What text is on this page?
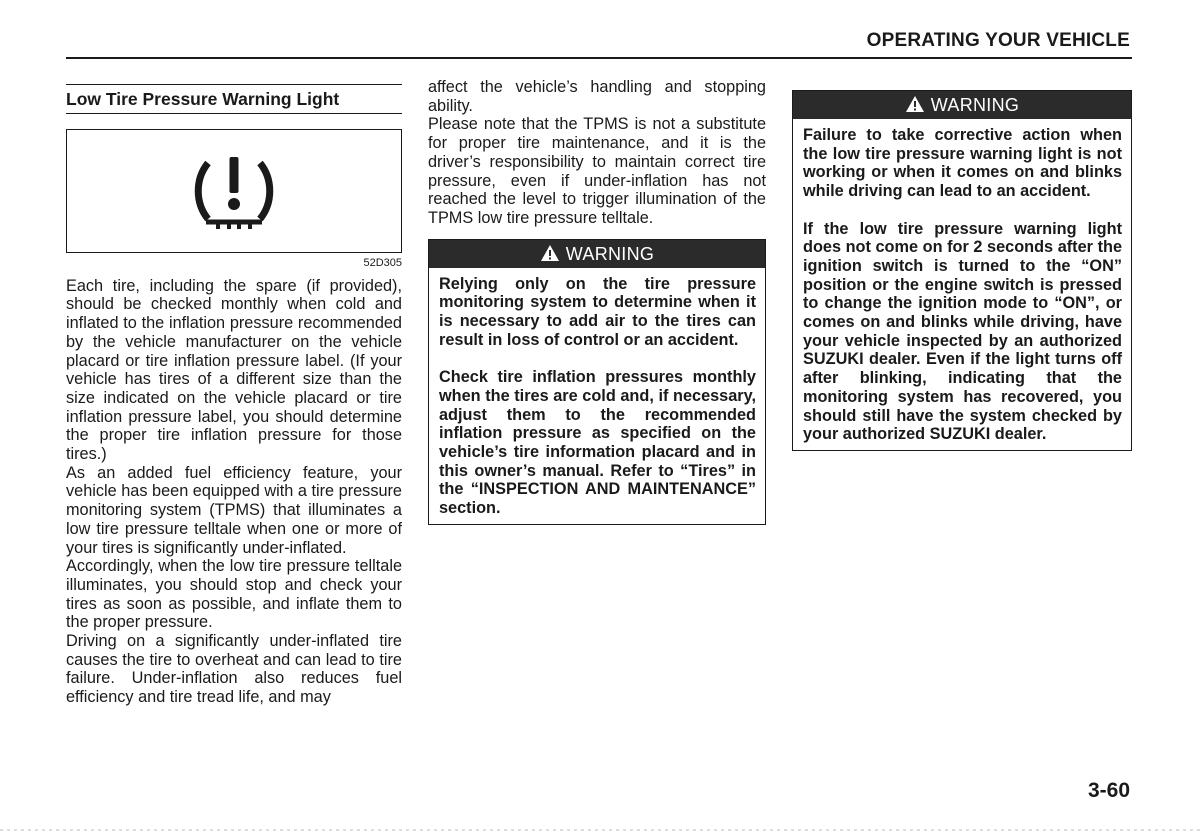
OPERATING YOUR VEHICLE
Low Tire Pressure Warning Light
52D305

Each tire, including the spare (if provided), should be checked monthly when cold and inflated to the inflation pressure recommended by the vehicle manufacturer on the vehicle placard or tire inflation pressure label. (If your vehicle has tires of a different size than the size indicated on the vehicle placard or tire inflation pressure label, you should determine the proper tire inflation pressure for those tires.)

As an added fuel efficiency feature, your vehicle has been equipped with a tire pressure monitoring system (TPMS) that illuminates a low tire pressure telltale when one or more of your tires is significantly under-inflated.

Accordingly, when the low tire pressure telltale illuminates, you should stop and check your tires as soon as possible, and inflate them to the proper pressure.

Driving on a significantly under-inflated tire causes the tire to overheat and can lead to tire failure. Under-inflation also reduces fuel efficiency and tire tread life, and may

affect the vehicle’s handling and stopping ability.

Please note that the TPMS is not a substitute for proper tire maintenance, and it is the driver’s responsibility to maintain correct tire pressure, even if under-inflation has not reached the level to trigger illumination of the TPMS low tire pressure telltale.

WARNING

Relying only on the tire pressure monitoring system to determine when it is necessary to add air to the tires can result in loss of control or an accident.

Check tire inflation pressures monthly when the tires are cold and, if necessary, adjust them to the recommended inflation pressure as specified on the vehicle’s tire information placard and in this owner’s manual. Refer to “Tires” in the “INSPECTION AND MAINTENANCE” section.

WARNING

Failure to take corrective action when the low tire pressure warning light is not working or when it comes on and blinks while driving can lead to an accident.

If the low tire pressure warning light does not come on for 2 seconds after the ignition switch is turned to the “ON” position or the engine switch is pressed to change the ignition mode to “ON”, or comes on and blinks while driving, have your vehicle inspected by an authorized SUZUKI dealer. Even if the light turns off after blinking, indicating that the monitoring system has recovered, you should still have the system checked by your authorized SUZUKI dealer.

3-60
